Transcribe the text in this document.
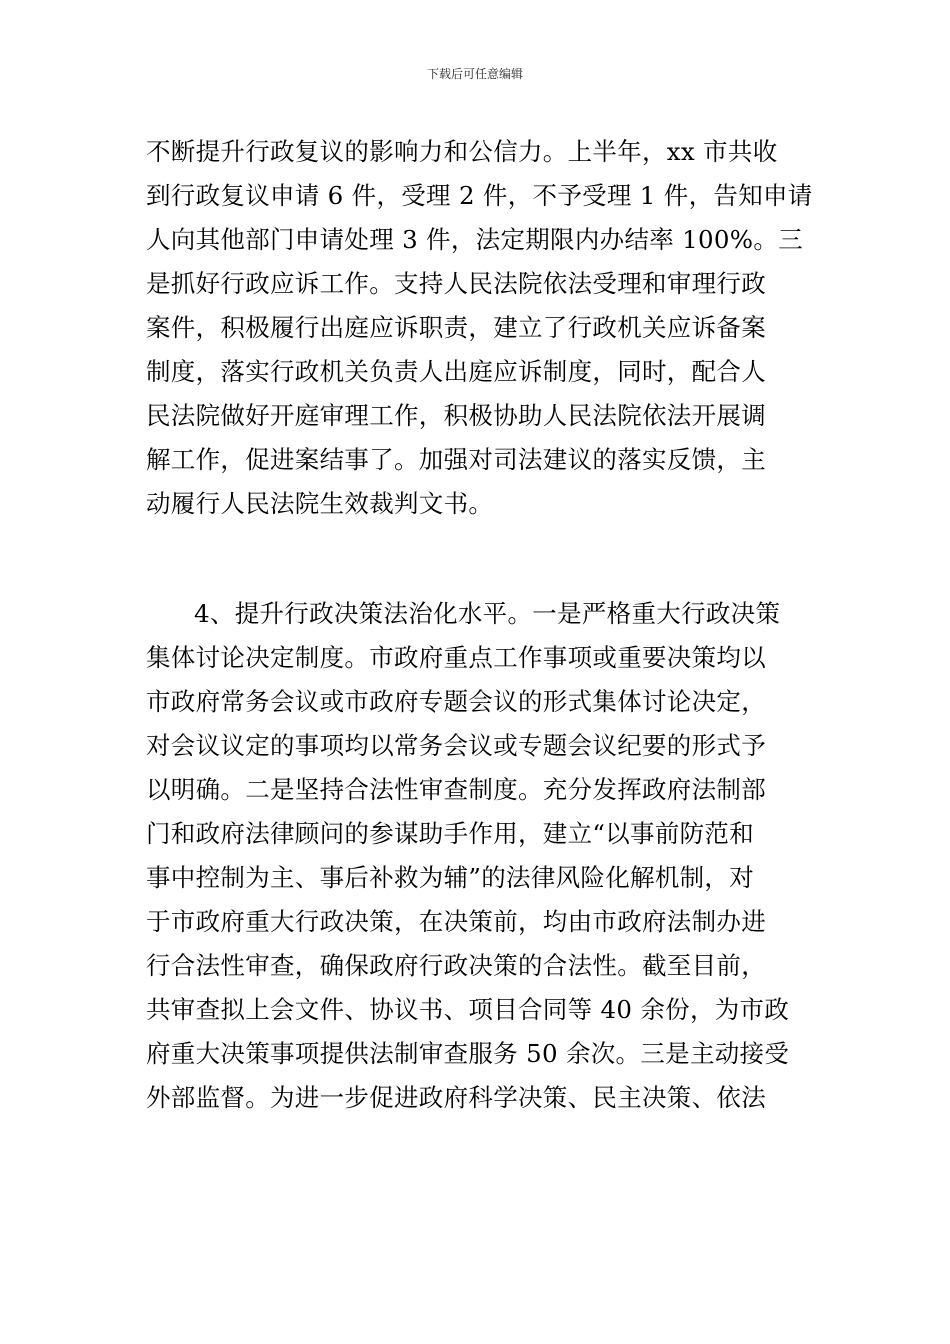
下载后可任意编辑
不断提升行政复议的影响力和公信力。上半年，xx 市共收
到行政复议申请 6 件，受理 2 件，不予受理 1 件，告知申请
人向其他部门申请处理 3 件，法定期限内办结率 100%。三
是抓好行政应诉工作。支持人民法院依法受理和审理行政
案件，积极履行出庭应诉职责，建立了行政机关应诉备案
制度，落实行政机关负责人出庭应诉制度，同时，配合人
民法院做好开庭审理工作，积极协助人民法院依法开展调
解工作，促进案结事了。加强对司法建议的落实反馈，主
动履行人民法院生效裁判文书。
4、提升行政决策法治化水平。一是严格重大行政决策
集体讨论决定制度。市政府重点工作事项或重要决策均以
市政府常务会议或市政府专题会议的形式集体讨论决定，
对会议议定的事项均以常务会议或专题会议纪要的形式予
以明确。二是坚持合法性审查制度。充分发挥政府法制部
门和政府法律顾问的参谋助手作用，建立“以事前防范和
事中控制为主、事后补救为辅”的法律风险化解机制，对
于市政府重大行政决策，在决策前，均由市政府法制办进
行合法性审查，确保政府行政决策的合法性。截至目前，
共审查拟上会文件、协议书、项目合同等 40 余份，为市政
府重大决策事项提供法制审查服务 50 余次。三是主动接受
外部监督。为进一步促进政府科学决策、民主决策、依法
